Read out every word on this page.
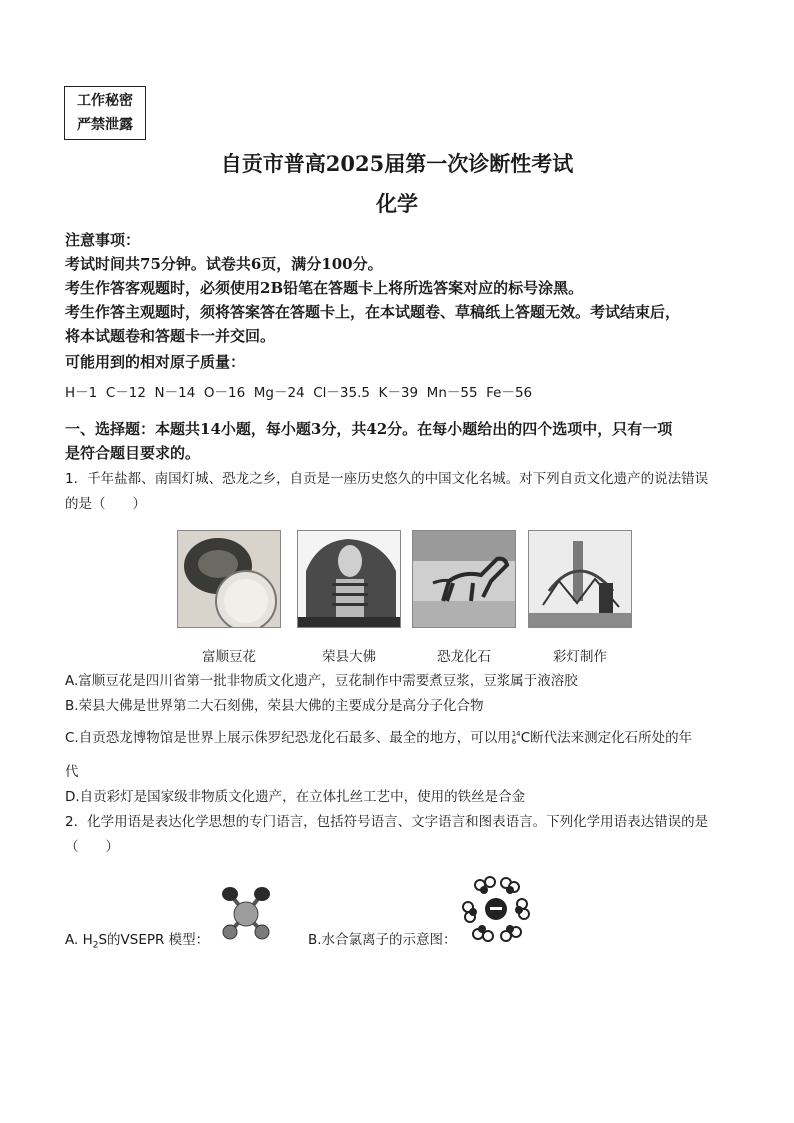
工作秘密
严禁泄露
自贡市普高2025届第一次诊断性考试
化学
注意事项：
考试时间共75分钟。试卷共6页，满分100分。
考生作答客观题时，必须使用2B铅笔在答题卡上将所选答案对应的标号涂黑。
考生作答主观题时，须将答案答在答题卡上，在本试题卷、草稿纸上答题无效。考试结束后，
将本试题卷和答题卡一并交回。
可能用到的相对原子质量：
H－1  C－12  N－14  O－16  Mg－24  Cl－35.5  K－39  Mn－55  Fe－56
一、选择题：本题共14小题，每小题3分，共42分。在每小题给出的四个选项中，只有一项
是符合题目要求的。
1．千年盐都、南国灯城、恐龙之乡，自贡是一座历史悠久的中国文化名城。对下列自贡文化遗产的说法错误
的是（　　）
富顺豆花	荣县大佛	恐龙化石	彩灯制作
A.富顺豆花是四川省第一批非物质文化遗产，豆花制作中需要煮豆浆，豆浆属于液溶胶
B.荣县大佛是世界第二大石刻佛，荣县大佛的主要成分是高分子化合物
C.自贡恐龙博物馆是世界上展示侏罗纪恐龙化石最多、最全的地方，可以用 14
6 C断代法来测定化石所处的年
代
D.自贡彩灯是国家级非物质文化遗产，在立体扎丝工艺中，使用的铁丝是合金
2．化学用语是表达化学思想的专门语言，包括符号语言、文字语言和图表语言。下列化学用语表达错误的是
（　　）
A. $H_2S$的VSEPR 模型：	B.水合氯离子的示意图：
